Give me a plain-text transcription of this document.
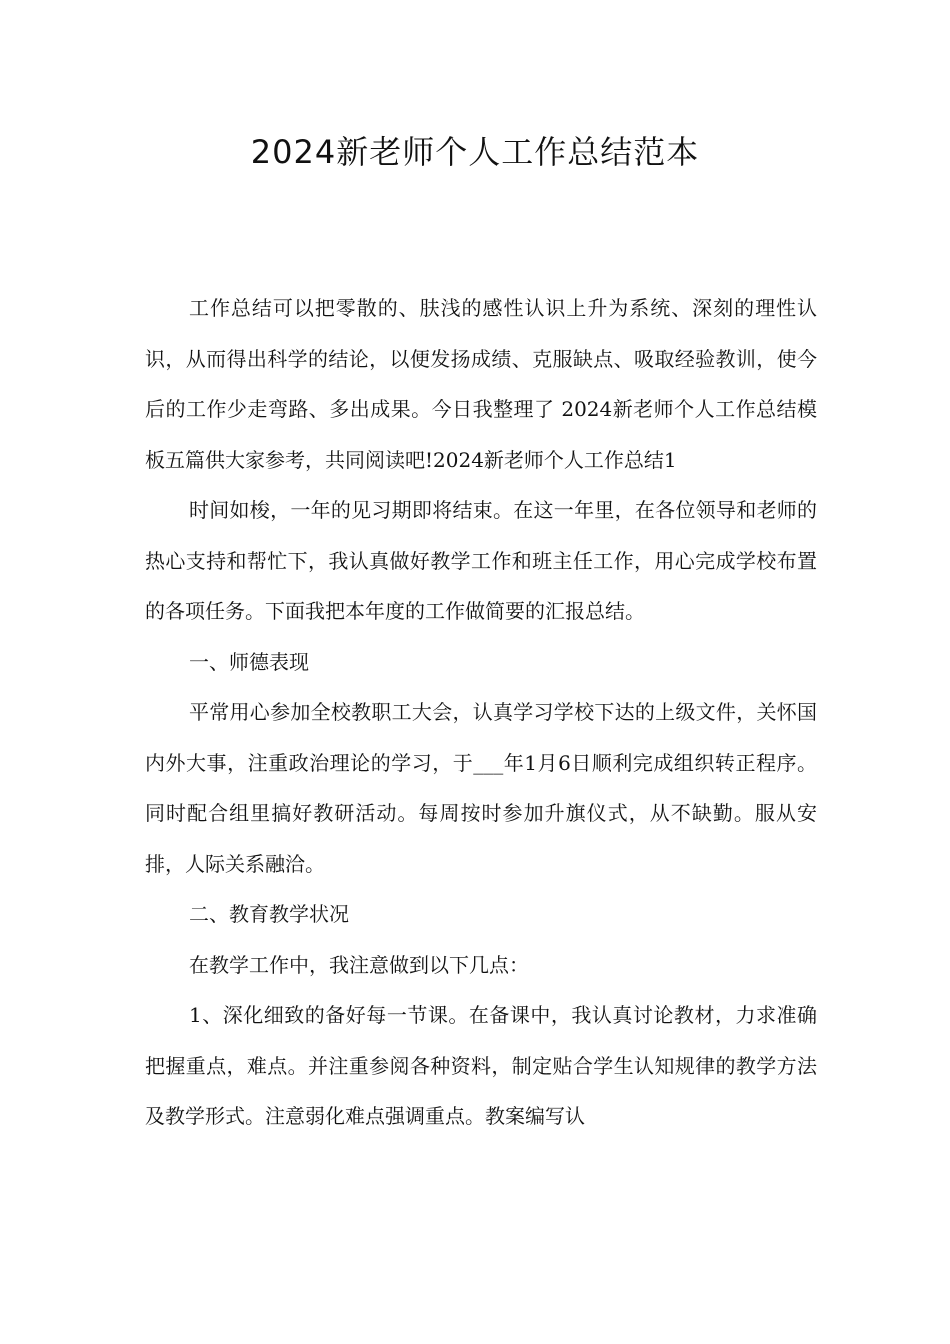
2024新老师个人工作总结范本

工作总结可以把零散的、肤浅的感性认识上升为系统、深刻的理性认识，从而得出科学的结论，以便发扬成绩、克服缺点、吸取经验教训，使今后的工作少走弯路、多出成果。今日我整理了 2024新老师个人工作总结模板五篇供大家参考，共同阅读吧!2024新老师个人工作总结1

时间如梭，一年的见习期即将结束。在这一年里，在各位领导和老师的热心支持和帮忙下，我认真做好教学工作和班主任工作，用心完成学校布置的各项任务。下面我把本年度的工作做简要的汇报总结。

一、师德表现

平常用心参加全校教职工大会，认真学习学校下达的上级文件，关怀国内外大事，注重政治理论的学习，于___年1月6日顺利完成组织转正程序。同时配合组里搞好教研活动。每周按时参加升旗仪式，从不缺勤。服从安排，人际关系融洽。

二、教育教学状况

在教学工作中，我注意做到以下几点：

1、深化细致的备好每一节课。在备课中，我认真讨论教材，力求准确把握重点，难点。并注重参阅各种资料，制定贴合学生认知规律的教学方法及教学形式。注意弱化难点强调重点。教案编写认
